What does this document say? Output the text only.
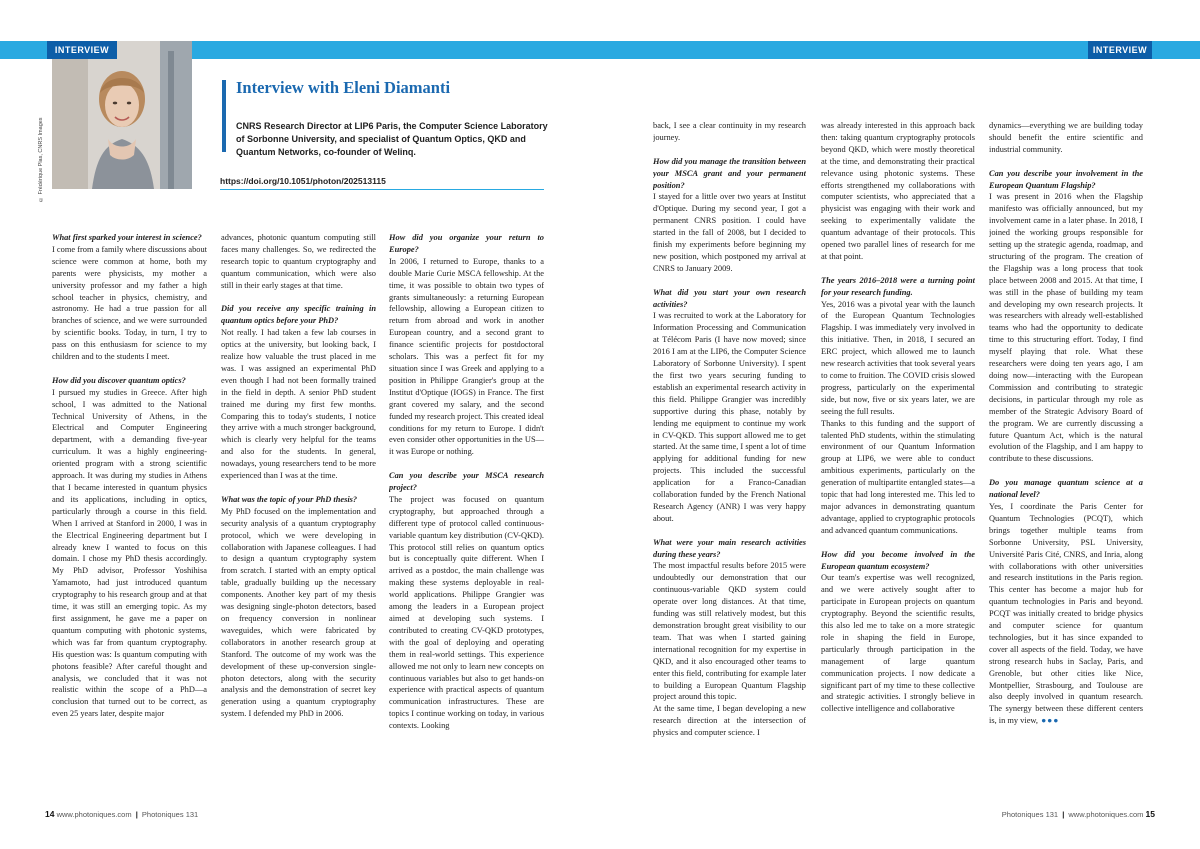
INTERVIEW
© Frédérique Plas, CNRS Images
Interview with Eleni Diamanti
CNRS Research Director at LIP6 Paris, the Computer Science Laboratory of Sorbonne University, and specialist of Quantum Optics, QKD and Quantum Networks, co-founder of Welinq.
https://doi.org/10.1051/photon/202513115
What first sparked your interest in science?

I come from a family where discussions about science were common at home, both my parents were physicists, my mother a university professor and my father a high school teacher in physics, chemistry, and astronomy. He had a true passion for all branches of science, and we were surrounded by scientific books. Today, in turn, I try to pass on this enthusiasm for science to my children and to the students I meet.

How did you discover quantum optics?

I pursued my studies in Greece. After high school, I was admitted to the National Technical University of Athens, in the Electrical and Computer Engineering department, with a demanding five-year curriculum. It was a highly engineering-oriented program with a strong scientific approach. It was during my studies in Athens that I became interested in quantum physics and its applications, including in optics, particularly through a course in this field. When I arrived at Stanford in 2000, I was in the Electrical Engineering department but I already knew I wanted to focus on this domain. I chose my PhD thesis accordingly. My PhD advisor, Professor Yoshihisa Yamamoto, had just introduced quantum cryptography to his research group and at that time, it was still an emerging topic. As my first assignment, he gave me a paper on quantum computing with photonic systems, which was far from quantum cryptography. His question was: Is quantum computing with photons feasible? After careful thought and analysis, we concluded that it was not realistic within the scope of a PhD—a conclusion that turned out to be correct, as even 25 years later, despite major

advances, photonic quantum computing still faces many challenges. So, we redirected the research topic to quantum cryptography and quantum communication, which were also still in their early stages at that time.

Did you receive any specific training in quantum optics before your PhD?

Not really. I had taken a few lab courses in optics at the university, but looking back, I realize how valuable the trust placed in me was. I was assigned an experimental PhD even though I had not been formally trained in the field in depth. A senior PhD student trained me during my first few months. Comparing this to today's students, I notice they arrive with a much stronger background, which is clearly very helpful for the teams and also for the students. In general, nowadays, young researchers tend to be more experienced than I was at the time.

What was the topic of your PhD thesis?

My PhD focused on the implementation and security analysis of a quantum cryptography protocol, which we were developing in collaboration with Japanese colleagues. I had to design a quantum cryptography system from scratch. I started with an empty optical table, gradually building up the necessary components. Another key part of my thesis was designing single-photon detectors, based on frequency conversion in nonlinear waveguides, which were fabricated by collaborators in another research group at Stanford. The outcome of my work was the development of these up-conversion single-photon detectors, along with the security analysis and the demonstration of secret key generation using a quantum cryptography system. I defended my PhD in 2006.

How did you organize your return to Europe?

In 2006, I returned to Europe, thanks to a double Marie Curie MSCA fellowship. At the time, it was possible to obtain two types of grants simultaneously: a returning European fellowship, allowing a European citizen to return from abroad and work in another European country, and a second grant to finance scientific projects for postdoctoral scholars. This was a perfect fit for my situation since I was Greek and applying to a position in Philippe Grangier's group at the Institut d'Optique (IOGS) in France. The first grant covered my salary, and the second funded my research project. This created ideal conditions for my return to Europe. I didn't even consider other opportunities in the US—it was Europe or nothing.

Can you describe your MSCA research project?

The project was focused on quantum cryptography, but approached through a different type of protocol called continuous-variable quantum key distribution (CV-QKD). This protocol still relies on quantum optics but is conceptually quite different. When I arrived as a postdoc, the main challenge was making these systems deployable in real-world applications. Philippe Grangier was among the leaders in a European project aimed at developing such systems. I contributed to creating CV-QKD prototypes, with the goal of deploying and operating them in real-world settings. This experience allowed me not only to learn new concepts on continuous variables but also to get hands-on experience with practical aspects of quantum communication infrastructures. These are topics I continue working on today, in various contexts. Looking

14 www.photoniques.com | Photoniques 131
INTERVIEW

back, I see a clear continuity in my research journey.

How did you manage the transition between your MSCA grant and your permanent position?

I stayed for a little over two years at Institut d'Optique. During my second year, I got a permanent CNRS position. I could have started in the fall of 2008, but I decided to finish my experiments before beginning my new position, which postponed my arrival at CNRS to January 2009.

What did you start your own research activities?

I was recruited to work at the Laboratory for Information Processing and Communication at Télécom Paris (I have now moved; since 2016 I am at the LIP6, the Computer Science Laboratory of Sorbonne University). I spent the first two years securing funding to establish an experimental research activity in this field. Philippe Grangier was incredibly supportive during this phase, notably by lending me equipment to continue my work in CV-QKD. This support allowed me to get started. At the same time, I spent a lot of time applying for additional funding for new projects. This included the successful application for a Franco-Canadian collaboration funded by the French National Research Agency (ANR) I was very happy about.

What were your main research activities during these years?

The most impactful results before 2015 were undoubtedly our demonstration that our continuous-variable QKD system could operate over long distances. At that time, funding was still relatively modest, but this demonstration brought great visibility to our team. That was when I started gaining international recognition for my expertise in QKD, and it also encouraged other teams to enter this field, contributing for example later to building a European Quantum Flagship project around this topic.

At the same time, I began developing a new research direction at the intersection of physics and computer science. I

was already interested in this approach back then: taking quantum cryptography protocols beyond QKD, which were mostly theoretical at the time, and demonstrating their practical relevance using photonic systems. These efforts strengthened my collaborations with computer scientists, who appreciated that a physicist was engaging with their work and seeking to experimentally validate the quantum advantage of their protocols. This opened two parallel lines of research for me at that point.

The years 2016–2018 were a turning point for your research funding.

Yes, 2016 was a pivotal year with the launch of the European Quantum Technologies Flagship. I was immediately very involved in this initiative. Then, in 2018, I secured an ERC project, which allowed me to launch new research activities that took several years to come to fruition. The COVID crisis slowed progress, particularly on the experimental side, but now, five or six years later, we are seeing the full results.

Thanks to this funding and the support of talented PhD students, within the stimulating environment of our Quantum Information group at LIP6, we were able to conduct ambitious experiments, particularly on the generation of multipartite entangled states—a topic that had long interested me. This led to major advances in demonstrating quantum advantage, applied to cryptographic protocols and advanced quantum communications.

How did you become involved in the European quantum ecosystem?

Our team's expertise was well recognized, and we were actively sought after to participate in European projects on quantum cryptography. Beyond the scientific results, this also led me to take on a more strategic role in shaping the field in Europe, particularly through participation in the management of large quantum communication projects. I now dedicate a significant part of my time to these collective and strategic activities. I strongly believe in collective intelligence and collaborative

dynamics—everything we are building today should benefit the entire scientific and industrial community.

Can you describe your involvement in the European Quantum Flagship?

I was present in 2016 when the Flagship manifesto was officially announced, but my involvement came in a later phase. In 2018, I joined the working groups responsible for setting up the strategic agenda, roadmap, and structuring of the program. The creation of the Flagship was a long process that took place between 2008 and 2015. At that time, I was still in the phase of building my team and developing my own research projects. It was researchers with already well-established teams who had the opportunity to dedicate time to this structuring effort. Today, I find myself playing that role. What these researchers were doing ten years ago, I am doing now—interacting with the European Commission and contributing to strategic decisions, in particular through my role as member of the Strategic Advisory Board of the program. We are currently discussing a future Quantum Act, which is the natural evolution of the Flagship, and I am happy to contribute to these discussions.

Do you manage quantum science at a national level?

Yes, I coordinate the Paris Center for Quantum Technologies (PCQT), which brings together multiple teams from Sorbonne University, PSL University, Université Paris Cité, CNRS, and Inria, along with collaborations with other universities and research institutions in the Paris region. This center has become a major hub for quantum technologies in Paris and beyond. PCQT was initially created to bridge physics and computer science for quantum technologies, but it has since expanded to cover all aspects of the field. Today, we have strong research hubs in Saclay, Paris, and Grenoble, but other cities like Nice, Montpellier, Strasbourg, and Toulouse are also deeply involved in quantum research. The synergy between these different centers is, in my view, ●●●

Photoniques 131 | www.photoniques.com 15
